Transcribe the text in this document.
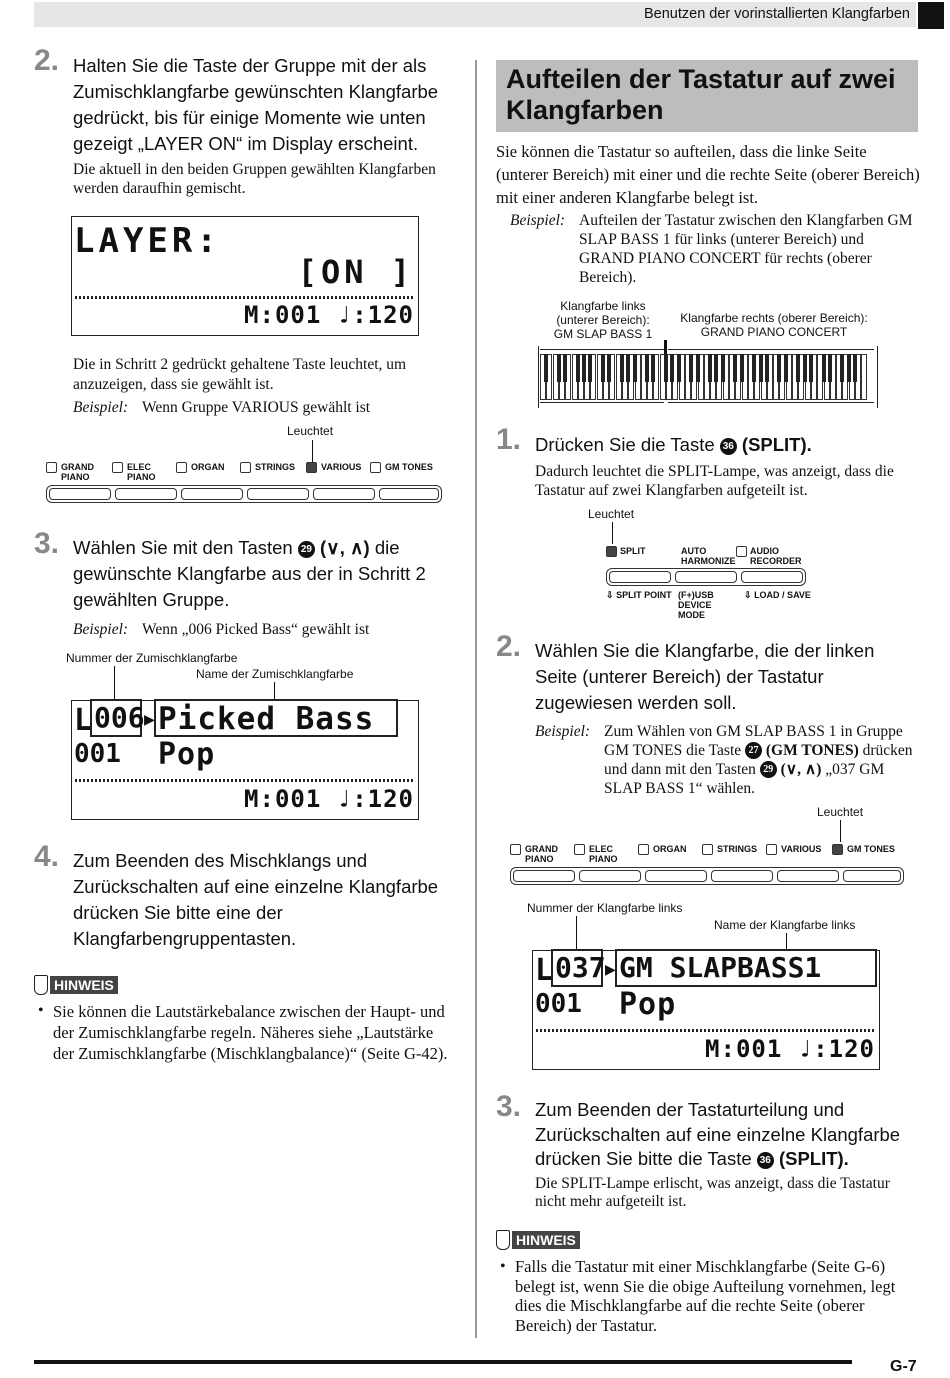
Benutzen der vorinstallierten Klangfarben
2. Halten Sie die Taste der Gruppe mit der als Zumischklangfarbe gewünschten Klangfarbe gedrückt, bis für einige Momente wie unten gezeigt „LAYER ON“ im Display erscheint.
Die aktuell in den beiden Gruppen gewählten Klangfarben werden daraufhin gemischt.
LAYER:
[ON ]
M:001 ♩:120
Die in Schritt 2 gedrückt gehaltene Taste leuchtet, um anzuzeigen, dass sie gewählt ist.
Beispiel: Wenn Gruppe VARIOUS gewählt ist
Leuchtet
GRAND PIANO
ELEC PIANO
ORGAN	STRINGS	VARIOUS	GM TONES
3. Wählen Sie mit den Tasten 29 (∨, ∧) die gewünschte Klangfarbe aus der in Schritt 2 gewählten Gruppe.
Beispiel: Wenn „006 Picked Bass“ gewählt ist
Nummer der Zumischklangfarbe
Name der Zumischklangfarbe
L 006 ▶ Picked Bass
001 Pop
M:001 ♩:120
4. Zum Beenden des Mischklangs und Zurückschalten auf eine einzelne Klangfarbe drücken Sie bitte eine der Klangfarbengruppentasten.
HINWEIS
• Sie können die Lautstärkebalance zwischen der Haupt- und der Zumischklangfarbe regeln. Näheres siehe „Lautstärke der Zumischklangfarbe (Mischklangbalance)“ (Seite G-42).
Aufteilen der Tastatur auf zwei Klangfarben
Sie können die Tastatur so aufteilen, dass die linke Seite (unterer Bereich) mit einer und die rechte Seite (oberer Bereich) mit einer anderen Klangfarbe belegt ist.
Beispiel: Aufteilen der Tastatur zwischen den Klangfarben GM SLAP BASS 1 für links (unterer Bereich) und GRAND PIANO CONCERT für rechts (oberer Bereich).
Klangfarbe links (unterer Bereich): GM SLAP BASS 1
Klangfarbe rechts (oberer Bereich): GRAND PIANO CONCERT
1. Drücken Sie die Taste 36 (SPLIT).
Dadurch leuchtet die SPLIT-Lampe, was anzeigt, dass die Tastatur auf zwei Klangfarben aufgeteilt ist.
Leuchtet
SPLIT	AUTO HARMONIZE
AUDIO RECORDER
⇩ SPLIT POINT (F+)USB DEVICE MODE
⇩ LOAD / SAVE
2. Wählen Sie die Klangfarbe, die der linken Seite (unterer Bereich) der Tastatur zugewiesen werden soll.
Beispiel: Zum Wählen von GM SLAP BASS 1 in Gruppe GM TONES die Taste 27 (GM TONES) drücken und dann mit den Tasten 29 (∨, ∧) „037 GM SLAP BASS 1“ wählen.
Leuchtet
GRAND PIANO
ELEC PIANO
ORGAN	STRINGS	VARIOUS	GM TONES
Nummer der Klangfarbe links
Name der Klangfarbe links
L 037 ▶ GM SLAPBASS1
001 Pop
M:001 ♩:120
3. Zum Beenden der Tastaturteilung und Zurückschalten auf eine einzelne Klangfarbe drücken Sie bitte die Taste 36 (SPLIT).
Die SPLIT-Lampe erlischt, was anzeigt, dass die Tastatur nicht mehr aufgeteilt ist.
HINWEIS
• Falls die Tastatur mit einer Mischklangfarbe (Seite G-6) belegt ist, wenn Sie die obige Aufteilung vornehmen, legt dies die Mischklangfarbe auf die rechte Seite (oberer Bereich) der Tastatur.
G-7
